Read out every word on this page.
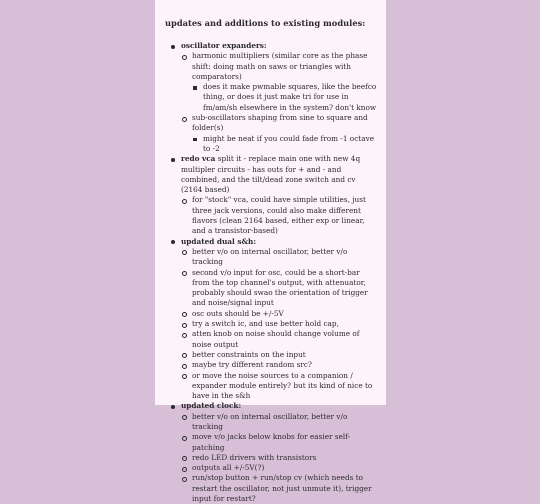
updates and additions to existing modules:
oscillator expanders:
harmonic multipliers (similar core as the phase shift: doing math on saws or triangles with comparators)
does it make pwmable squares, like the beefco thing, or does it just make tri for use in fm/am/sh elsewhere in the system? don't know
sub-oscillators shaping from sine to square and folder(s)
might be neat if you could fade from -1 octave to -2
redo vca split it - replace main one with new 4q multipler circuits - has outs for + and - and combined, and the tilt/dead zone switch and cv (2164 based)
for "stock" vca, could have simple utilities, just three jack versions, could also make different flavors (clean 2164 based, either exp or linear, and a transistor-based)
updated dual s&h:
better v/o on internal oscillator, better v/o tracking
second v/o input for osc, could be a short-bar from the top channel's output, with attenuator, probably should swao the orientation of trigger and noise/signal input
osc outs should be +/-5V
try a switch ic, and use better hold cap,
atten knob on noise should change volume of noise output
better constraints on the input
maybe try different random src?
or move the noise sources to a companion / expander module entirely? but its kind of nice to have in the s&h
updated clock:
better v/o on internal oscillator, better v/o tracking
move v/o jacks below knobs for easier self-patching
redo LED drivers with transistors
outputs all +/-5V(?)
run/stop button + run/stop cv (which needs to restart the oscillator, not just unmute it), trigger input for restart?
